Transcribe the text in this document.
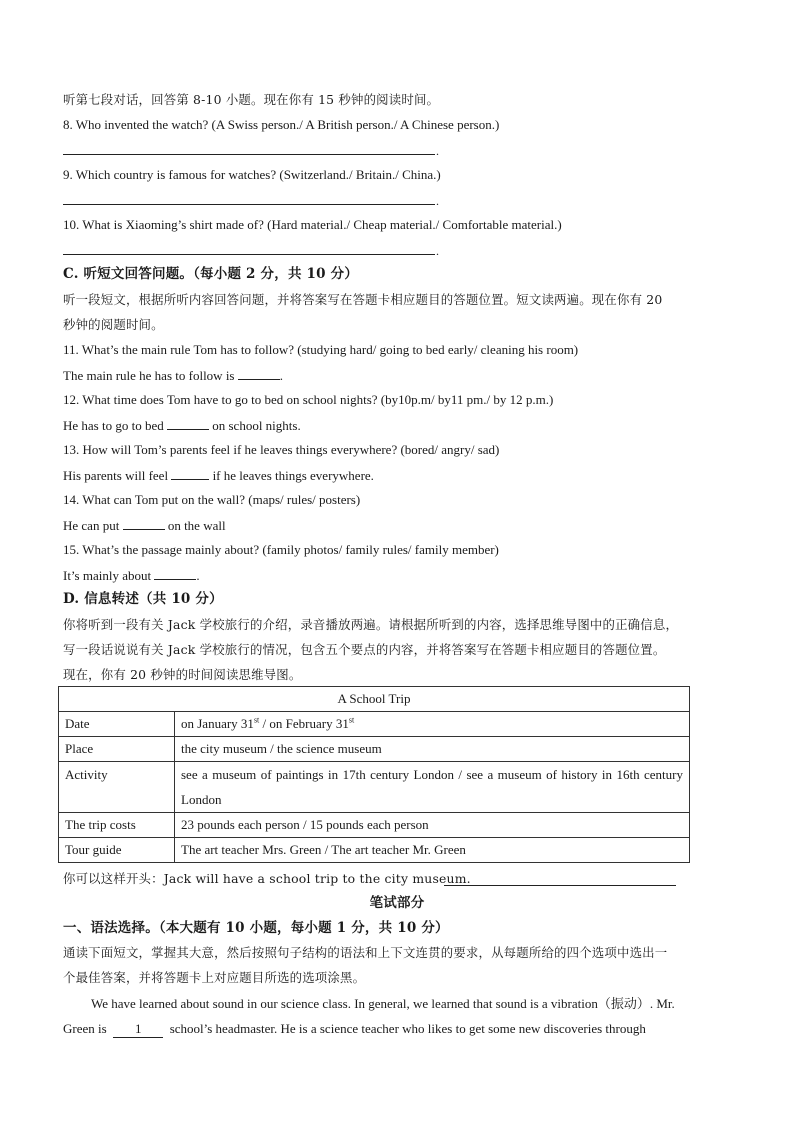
听第七段对话，回答第 8-10 小题。现在你有 15 秒钟的阅读时间。
8. Who invented the watch? (A Swiss person./ A British person./ A Chinese person.)
.
9. Which country is famous for watches? (Switzerland./ Britain./ China.)
.
10. What is Xiaoming’s shirt made of? (Hard material./ Cheap material./ Comfortable material.)
.
C. 听短文回答问题。（每小题 2 分，共 10 分）
听一段短文，根据所听内容回答问题，并将答案写在答题卡相应题目的答题位置。短文读两遍。现在你有 20
秒钟的阅题时间。
11. What’s the main rule Tom has to follow? (studying hard/ going to bed early/ cleaning his room)
The main rule he has to follow is	.
12. What time does Tom have to go to bed on school nights? (by10p.m/ by11 pm./ by 12 p.m.)
He has to go to bed	on school nights.
13. How will Tom’s parents feel if he leaves things everywhere? (bored/ angry/ sad)
His parents will feel	if he leaves things everywhere.
14. What can Tom put on the wall? (maps/ rules/ posters)
He can put	on the wall
15. What’s the passage mainly about? (family photos/ family rules/ family member)
It’s mainly about	.
D. 信息转述（共 10 分）
你将听到一段有关 Jack 学校旅行的介绍，录音播放两遍。请根据所听到的内容，选择思维导图中的正确信息，
写一段话说说有关 Jack 学校旅行的情况，包含五个要点的内容，并将答案写在答题卡相应题目的答题位置。
现在，你有 20 秒钟的时间阅读思维导图。
A School Trip	
Date	on January 31st / on February 31st
Place	the city museum / the science museum
Activity	see a museum of paintings in 17th century London / see a museum of history in 16th century London
The trip costs	23 pounds each person / 15 pounds each person
Tour guide	The art teacher Mrs. Green / The art teacher Mr. Green
你可以这样开头：Jack will have a school trip to the city museum.
笔试部分
一、语法选择。（本大题有 10 小题，每小题 1 分，共 10 分）
通读下面短文，掌握其大意，然后按照句子结构的语法和上下文连贯的要求，从每题所给的四个选项中选出一
个最佳答案，并将答题卡上对应题目所选的选项涂黑。
We have learned about sound in our science class. In general, we learned that sound is a vibration（振动）. Mr.
Green is 1 school’s headmaster. He is a science teacher who likes to get some new discoveries through
